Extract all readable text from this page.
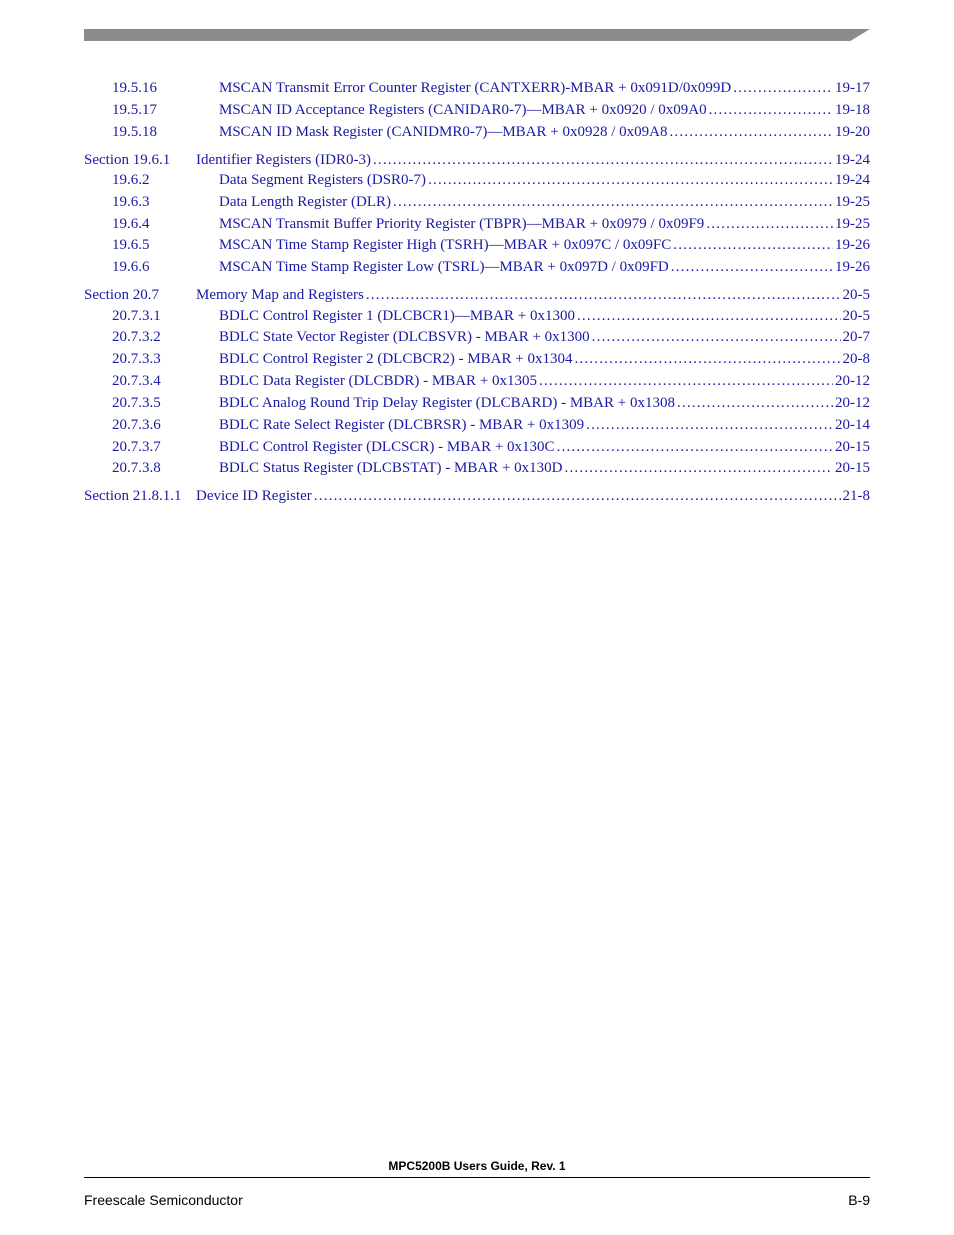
19.5.16	MSCAN Transmit Error Counter Register (CANTXERR)-MBAR + 0x091D/0x099D .....	19-17
19.5.17	MSCAN ID Acceptance Registers (CANIDAR0-7)—MBAR + 0x0920 / 0x09A0 .....	19-18
19.5.18	MSCAN ID Mask Register (CANIDMR0-7)—MBAR + 0x0928 / 0x09A8 .....	19-20
Section 19.6.1 Identifier Registers (IDR0-3) .....	19-24
19.6.2	Data Segment Registers (DSR0-7) .....	19-24
19.6.3	Data Length Register (DLR) .....	19-25
19.6.4	MSCAN Transmit Buffer Priority Register (TBPR)—MBAR + 0x0979 / 0x09F9 .....	19-25
19.6.5	MSCAN Time Stamp Register High (TSRH)—MBAR + 0x097C / 0x09FC .....	19-26
19.6.6	MSCAN Time Stamp Register Low (TSRL)—MBAR + 0x097D / 0x09FD .....	19-26
Section 20.7 Memory Map and Registers .....	20-5
20.7.3.1	BDLC Control Register 1 (DLCBCR1)—MBAR + 0x1300 .....	20-5
20.7.3.2	BDLC State Vector Register (DLCBSVR) - MBAR + 0x1300 .....	20-7
20.7.3.3	BDLC Control Register 2 (DLCBCR2) - MBAR + 0x1304 .....	20-8
20.7.3.4	BDLC Data Register (DLCBDR) - MBAR + 0x1305 .....	20-12
20.7.3.5	BDLC Analog Round Trip Delay Register (DLCBARD) - MBAR + 0x1308 .....	20-12
20.7.3.6	BDLC Rate Select Register (DLCBRSR) - MBAR + 0x1309 .....	20-14
20.7.3.7	BDLC Control Register (DLCSCR) - MBAR + 0x130C .....	20-15
20.7.3.8	BDLC Status Register (DLCBSTAT) - MBAR + 0x130D .....	20-15
Section 21.8.1.1 Device ID Register .....	21-8
MPC5200B Users Guide, Rev. 1
Freescale Semiconductor	B-9
